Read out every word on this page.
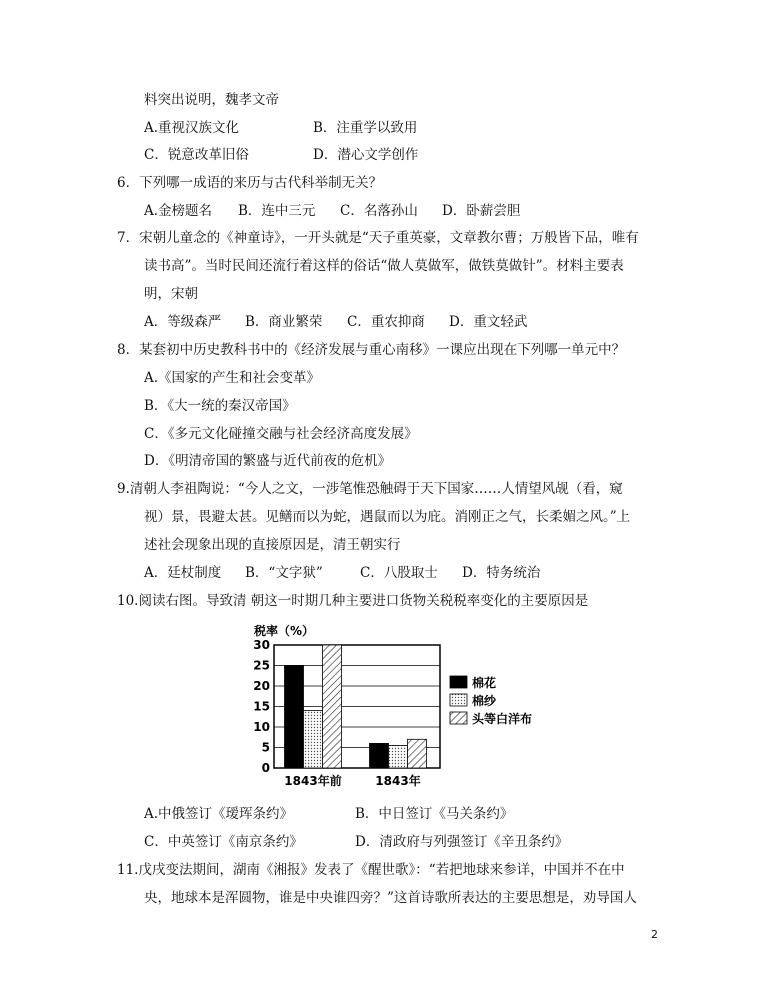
料突出说明，魏孝文帝
A.重视汉族文化	B．注重学以致用
C．锐意改革旧俗	D．潜心文学创作
6．下列哪一成语的来历与古代科举制无关？
A.金榜题名 B．连中三元 C．名落孙山 D．卧薪尝胆
7．宋朝儿童念的《神童诗》，一开头就是“天子重英豪，文章教尔曹；万般皆下品，唯有
读书高”。当时民间还流行着这样的俗话“做人莫做军，做铁莫做针”。材料主要表
明，宋朝
A．等级森严 B．商业繁荣 C．重农抑商 D．重文轻武
8．某套初中历史教科书中的《经济发展与重心南移》一课应出现在下列哪一单元中？
A.《国家的产生和社会变革》
B．《大一统的秦汉帝国》
C．《多元文化碰撞交融与社会经济高度发展》
D．《明清帝国的繁盛与近代前夜的危机》
9.清朝人李祖陶说：“今人之文，一涉笔惟恐触碍于天下国家……人情望风觇（看，窥
视）景，畏避太甚。见鳝而以为蛇，遇鼠而以为庇。消刚正之气，长柔媚之风。”上
述社会现象出现的直接原因是，清王朝实行
A．廷杖制度 B．“文字狱”	C．八股取士 D．特务统治
10.阅读右图。导致清 朝这一时期几种主要进口货物关税税率变化的主要原因是
税率（%）
0
5
10
15
20
25
30
1843年前	1843年
棉花
棉纱
头等白洋布
A.中俄签订《瑷珲条约》	B．中日签订《马关条约》
C．中英签订《南京条约》	D．清政府与列强签订《辛丑条约》
11.戊戌变法期间，湖南《湘报》发表了《醒世歌》：“若把地球来参详，中国并不在中
央，地球本是浑圆物，谁是中央谁四旁？”这首诗歌所表达的主要思想是，劝导国人
2
